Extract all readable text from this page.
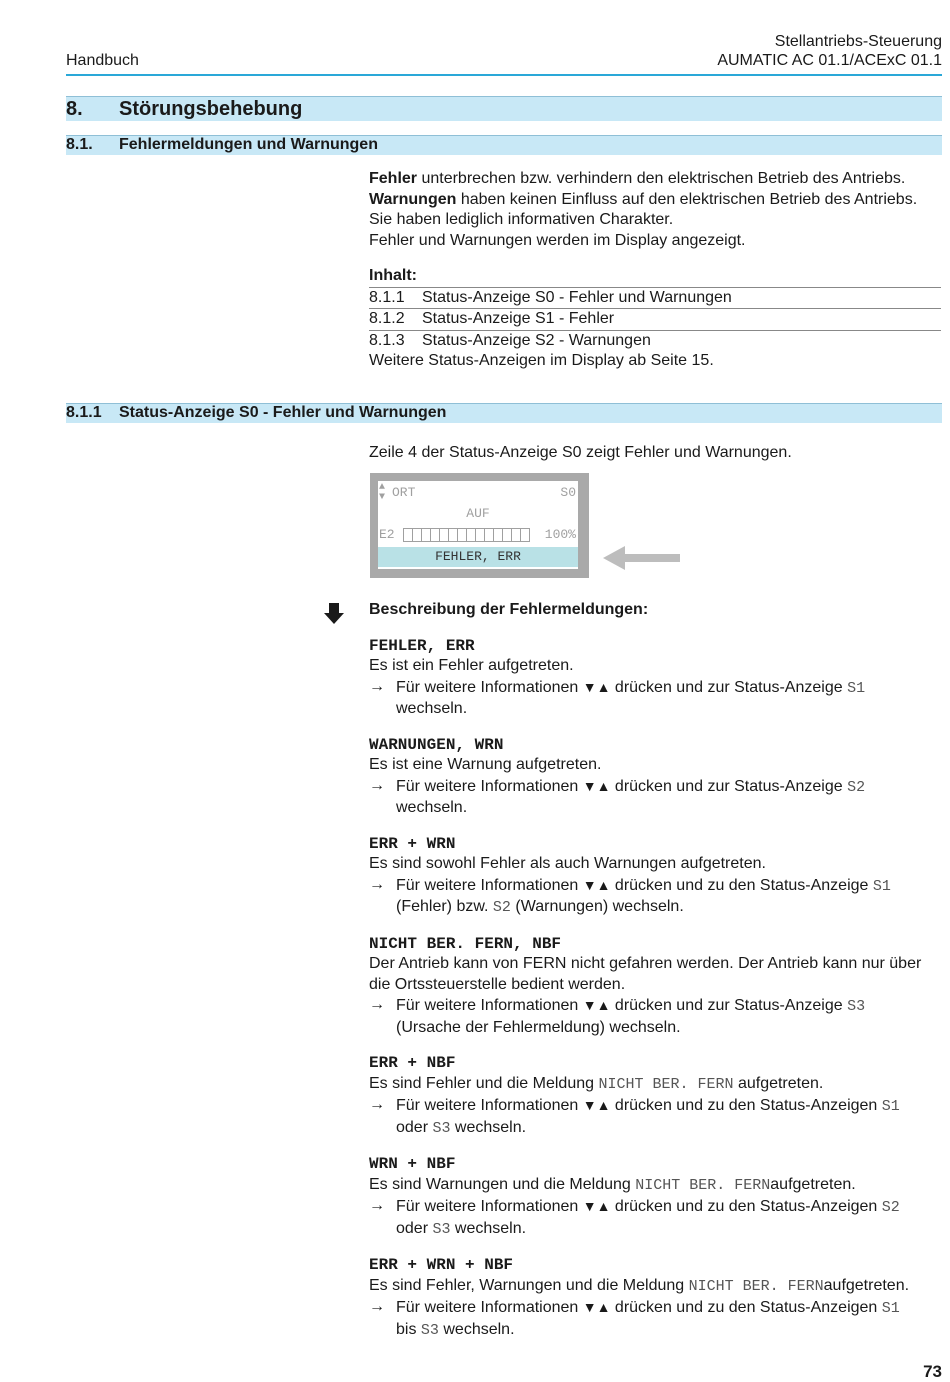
Handbuch
Stellantriebs-Steuerung
AUMATIC AC 01.1/ACExC 01.1
8. Störungsbehebung
8.1. Fehlermeldungen und Warnungen

Fehler unterbrechen bzw. verhindern den elektrischen Betrieb des Antriebs.

Warnungen haben keinen Einfluss auf den elektrischen Betrieb des Antriebs. Sie haben lediglich informativen Charakter.

Fehler und Warnungen werden im Display angezeigt.

Inhalt:
8.1.1	Status-Anzeige S0 - Fehler und Warnungen
8.1.2	Status-Anzeige S1 - Fehler
8.1.3	Status-Anzeige S2 - Warnungen
Weitere Status-Anzeigen im Display ab Seite 15.
8.1.1 Status-Anzeige S0 - Fehler und Warnungen
Zeile 4 der Status-Anzeige S0 zeigt Fehler und Warnungen.
▲
▼ ORT	S0
AUF
E2	100%
FEHLER, ERR

Beschreibung der Fehlermeldungen:

FEHLER, ERR

Es ist ein Fehler aufgetreten.

→ Für weitere Informationen ▼▲ drücken und zur Status-Anzeige S1
wechseln.
WARNUNGEN, WRN

Es ist eine Warnung aufgetreten.

→ Für weitere Informationen ▼▲ drücken und zur Status-Anzeige S2
wechseln.
ERR + WRN

Es sind sowohl Fehler als auch Warnungen aufgetreten.

→ Für weitere Informationen ▼▲ drücken und zu den Status-Anzeige S1
(Fehler) bzw. S2 (Warnungen) wechseln.
NICHT BER. FERN, NBF

Der Antrieb kann von FERN nicht gefahren werden. Der Antrieb kann nur über die Ortssteuerstelle bedient werden.

→ Für weitere Informationen ▼▲ drücken und zur Status-Anzeige S3
(Ursache der Fehlermeldung) wechseln.
ERR + NBF

Es sind Fehler und die Meldung NICHT BER. FERN aufgetreten.

→ Für weitere Informationen ▼▲ drücken und zu den Status-Anzeigen S1
oder S3 wechseln.
WRN + NBF

Es sind Warnungen und die Meldung NICHT BER. FERNaufgetreten.

→ Für weitere Informationen ▼▲ drücken und zu den Status-Anzeigen S2
oder S3 wechseln.
ERR + WRN + NBF

Es sind Fehler, Warnungen und die Meldung NICHT BER. FERNaufgetreten.

→ Für weitere Informationen ▼▲ drücken und zu den Status-Anzeigen S1
bis S3 wechseln.
73
